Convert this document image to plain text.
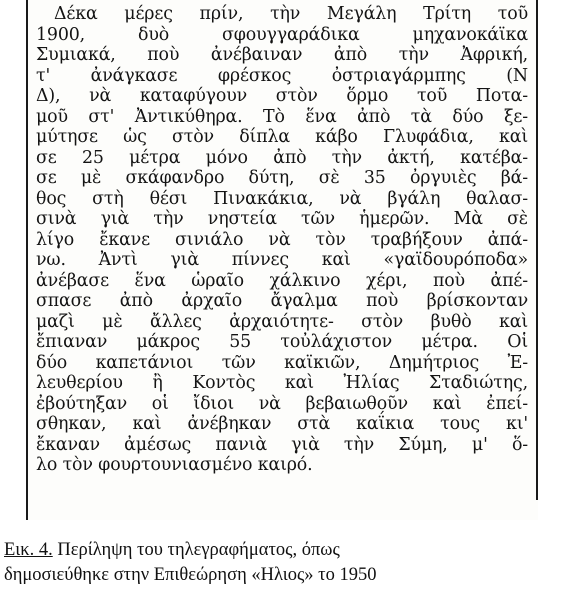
Δέκα μέρες πρίν, τὴν Μεγάλη Τρίτη τοῦ
1900, δυὸ σφουγγαράδικα μηχανοκάϊκα
Συμιακά, ποὺ ἀνέβαιναν ἀπὸ τὴν Ἀφρική,
τ' ἀνάγκασε φρέσκος ὀστριαγάρμπης (Ν
Δ), νὰ καταφύγουν στὸν ὅρμο τοῦ Ποτα-
μοῦ στ' Ἀντικύθηρα. Τὸ ἕνα ἀπὸ τὰ δύο ξε-
μύτησε ὡς στὸν δίπλα κάβο Γλυφάδια, καὶ
σε 25 μέτρα μόνο ἀπὸ τὴν ἀκτή, κατέβα-
σε μὲ σκάφανδρο δύτη, σὲ 35 ὀργυιὲς βά-
θος στὴ θέσι Πινακάκια, νὰ βγάλη θαλασ-
σινὰ γιὰ τὴν νηστεία τῶν ἡμερῶν. Μὰ σὲ
λίγο ἔκανε σινιάλο νὰ τὸν τραβήξουν ἀπά-
νω. Ἀντὶ γιὰ πίννες καὶ «γαϊδουρόποδα»
ἀνέβασε ἕνα ὡραῖο χάλκινο χέρι, ποὺ ἀπέ-
σπασε ἀπὸ ἀρχαῖο ἄγαλμα ποὺ βρίσκονταν
μαζὶ μὲ ἄλλες ἀρχαιότητε- στὸν βυθὸ καὶ
ἔπιαναν μάκρος 55 τοὐλάχιστον μέτρα. Οἱ
δύο καπετάνιοι τῶν καϊκιῶν, Δημήτριος Ἐ-
λευθερίου ἢ Κοντὸς καὶ Ἠλίας Σταδιώτης,
ἐβούτηξαν οἱ ἴδιοι νὰ βεβαιωθοῦν καὶ ἐπεί-
σθηκαν, καὶ ἀνέβηκαν στὰ καΐκια τους κι'
ἔκαναν ἀμέσως πανιὰ γιὰ τὴν Σύμη, μ' ὅ-
λο τὸν φουρτουνιασμένο καιρό.
Εικ. 4. Περίληψη του τηλεγραφήματος, όπως
δημοσιεύθηκε στην Επιθεώρηση «Ηλιος» το 1950
